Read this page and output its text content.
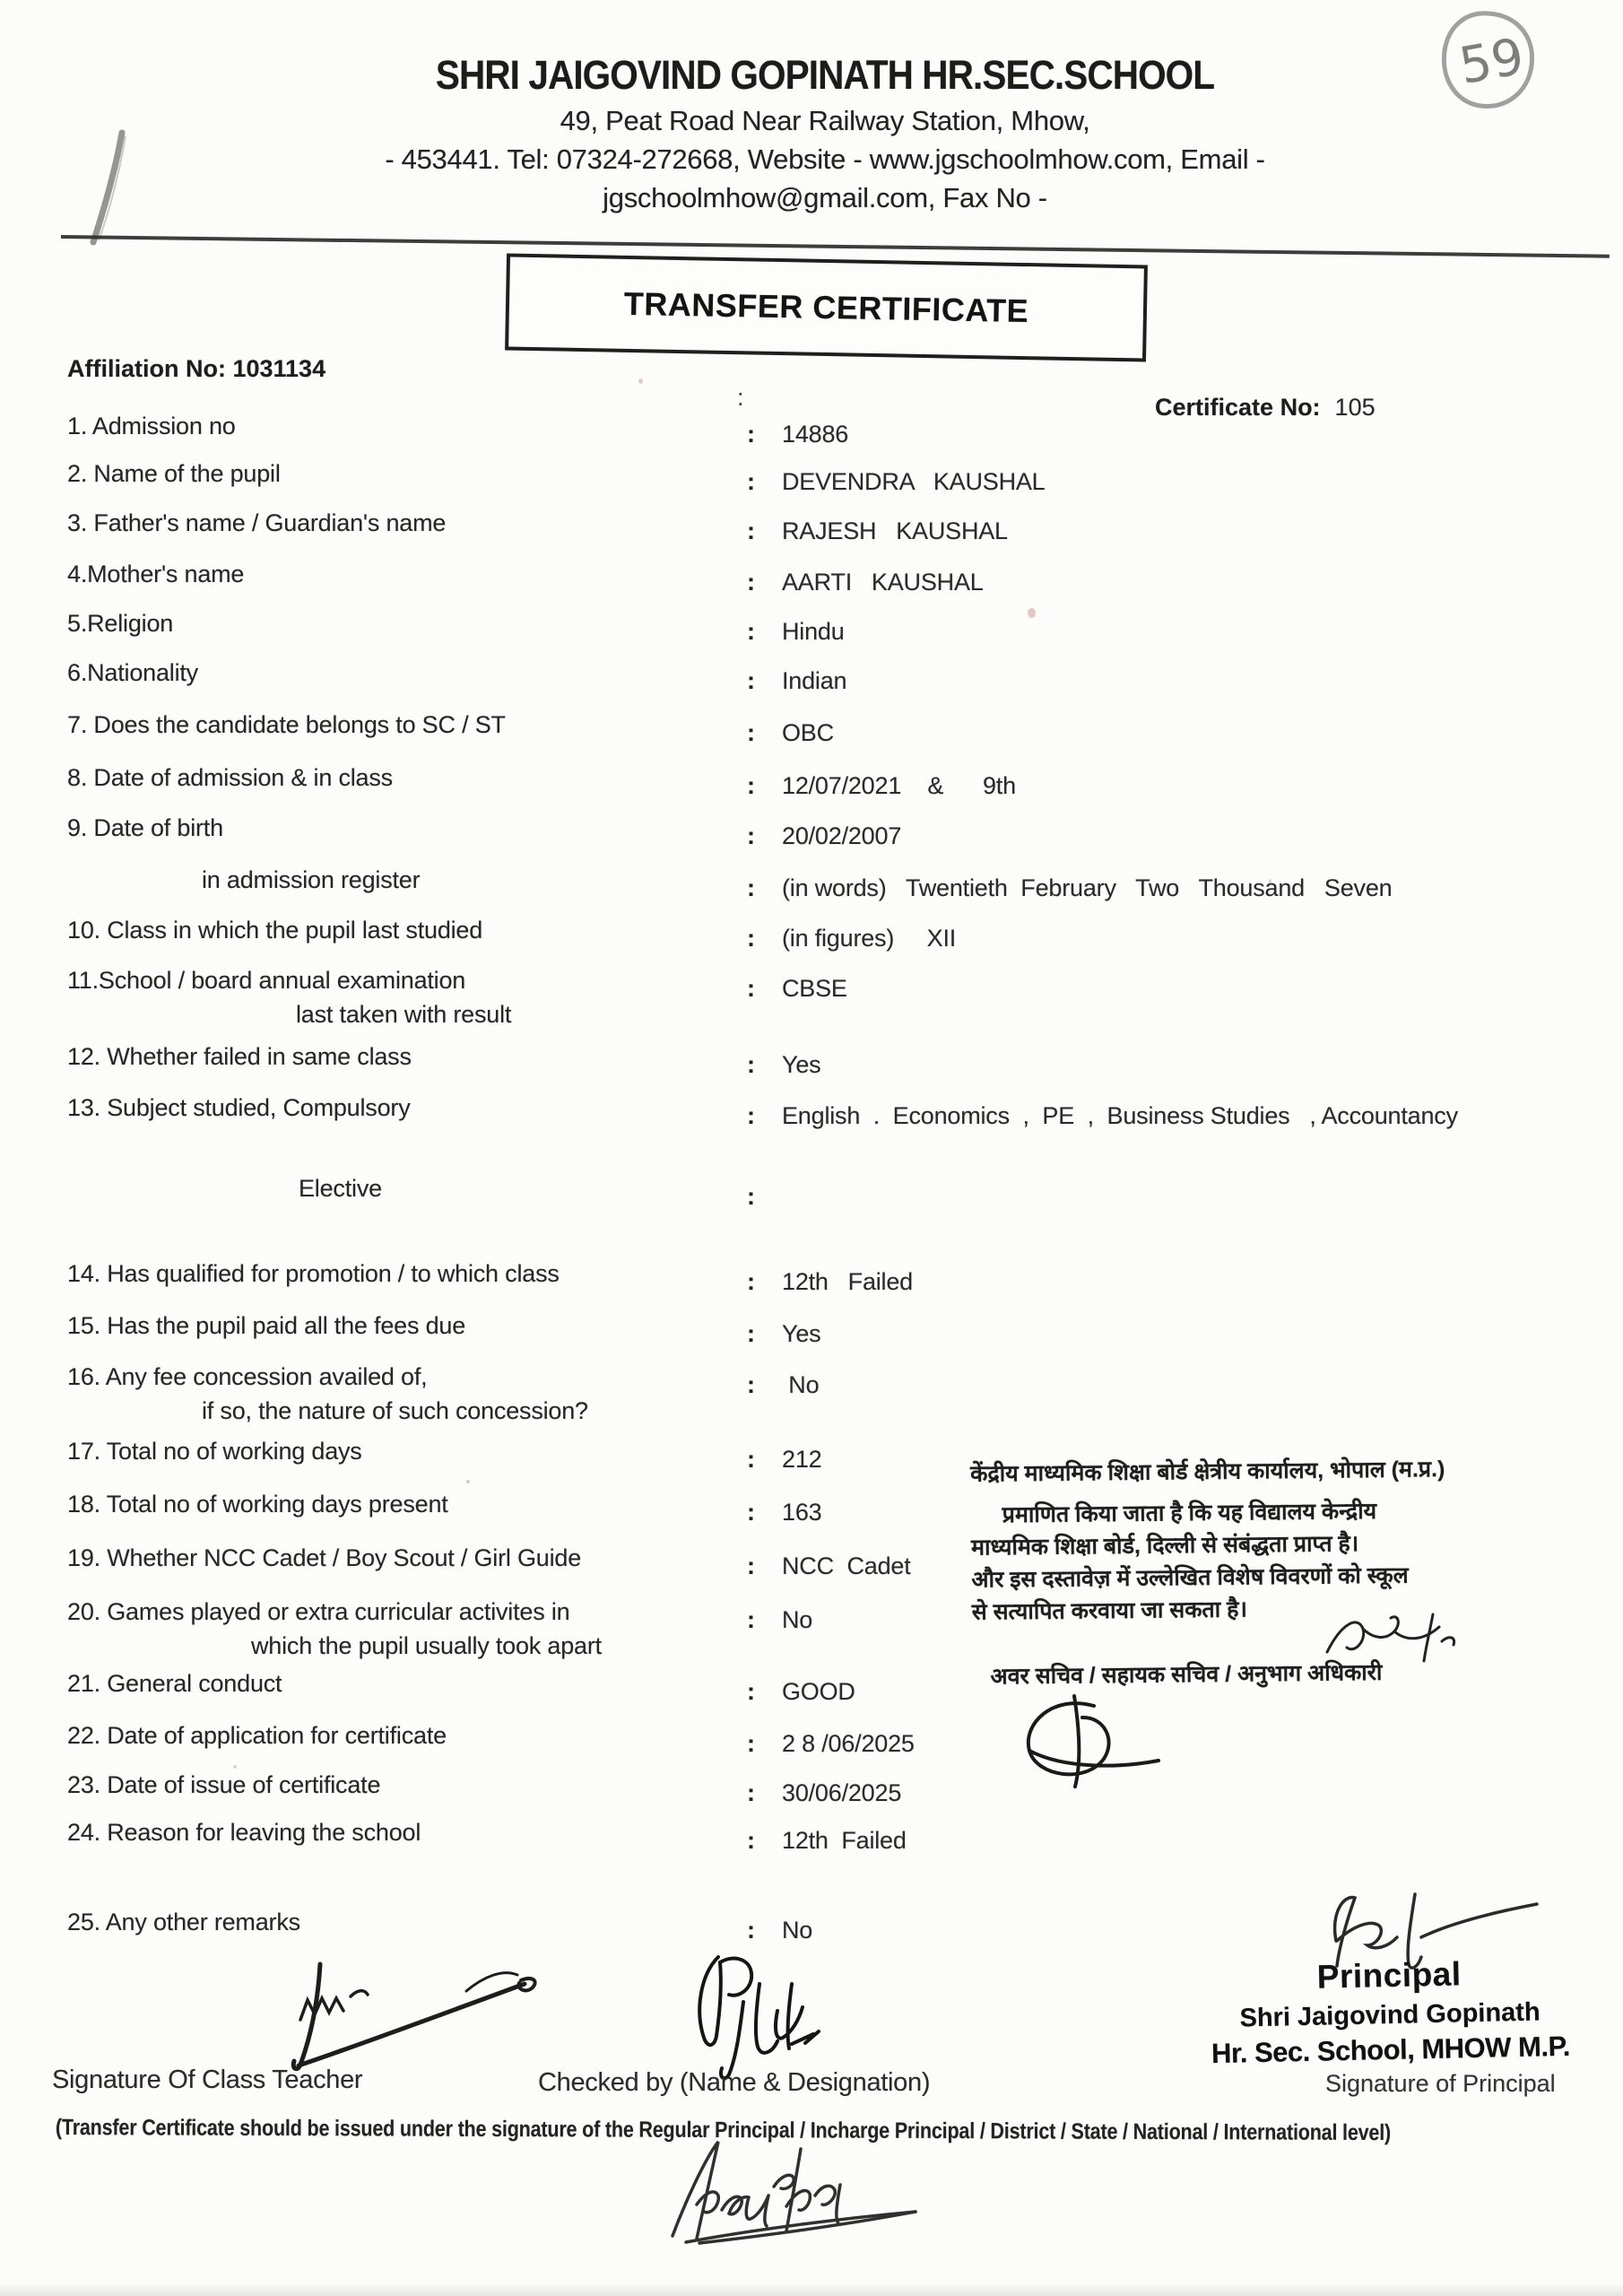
59
SHRI JAIGOVIND GOPINATH HR.SEC.SCHOOL
49, Peat Road Near Railway Station, Mhow,
- 453441. Tel: 07324-272668, Website - www.jgschoolmhow.com, Email -
jgschoolmhow@gmail.com, Fax No -
TRANSFER CERTIFICATE
Affiliation No: 1031134

Certificate No: 105

:
1. Admission no	: 14886
2. Name of the pupil	: DEVENDRA   KAUSHAL
3. Father's name / Guardian's name	: RAJESH   KAUSHAL
4.Mother's name	: AARTI   KAUSHAL
5.Religion	: Hindu
6.Nationality	: Indian
7. Does the candidate belongs to SC / ST	: OBC
8. Date of admission & in class	: 12/07/2021    &      9th
9. Date of birth	: 20/02/2007
in admission register	: (in words)   Twentieth  February   Two   Thousand   Seven
10. Class in which the pupil last studied	: (in figures)     XII
11.School / board annual examination
last taken with result
: CBSE
12. Whether failed in same class	: Yes
13. Subject studied, Compulsory	: English  .  Economics  ,  PE  ,  Business Studies   , Accountancy
Elective	:
14. Has qualified for promotion / to which class	: 12th   Failed
15. Has the pupil paid all the fees due	: Yes
16. Any fee concession availed of,
if so, the nature of such concession?
: No
17. Total no of working days	: 212
18. Total no of working days present	: 163
19. Whether NCC Cadet / Boy Scout / Girl Guide	: NCC  Cadet
20. Games played or extra curricular activites in
which the pupil usually took apart
: No
21. General conduct	: GOOD
22. Date of application for certificate	: 2 8 /06/2025
23. Date of issue of certificate	: 30/06/2025
24. Reason for leaving the school	: 12th  Failed
25. Any other remarks	: No
केंद्रीय माध्यमिक शिक्षा बोर्ड क्षेत्रीय कार्यालय, भोपाल (म.प्र.)
प्रमाणित किया जाता है कि यह विद्यालय केन्द्रीय
माध्यमिक शिक्षा बोर्ड, दिल्ली से संबंद्धता प्राप्त है।
और इस दस्तावेज़ में उल्लेखित विशेष विवरणों को स्कूल
से सत्यापित करवाया जा सकता है।
अवर सचिव / सहायक सचिव / अनुभाग अधिकारी
Signature Of Class Teacher	Checked by (Name & Designation)
Principal
Shri Jaigovind Gopinath
Hr. Sec. School, MHOW M.P.
Signature of Principal
(Transfer Certificate should be issued under the signature of the Regular Principal / Incharge Principal / District / State / National / International level)
